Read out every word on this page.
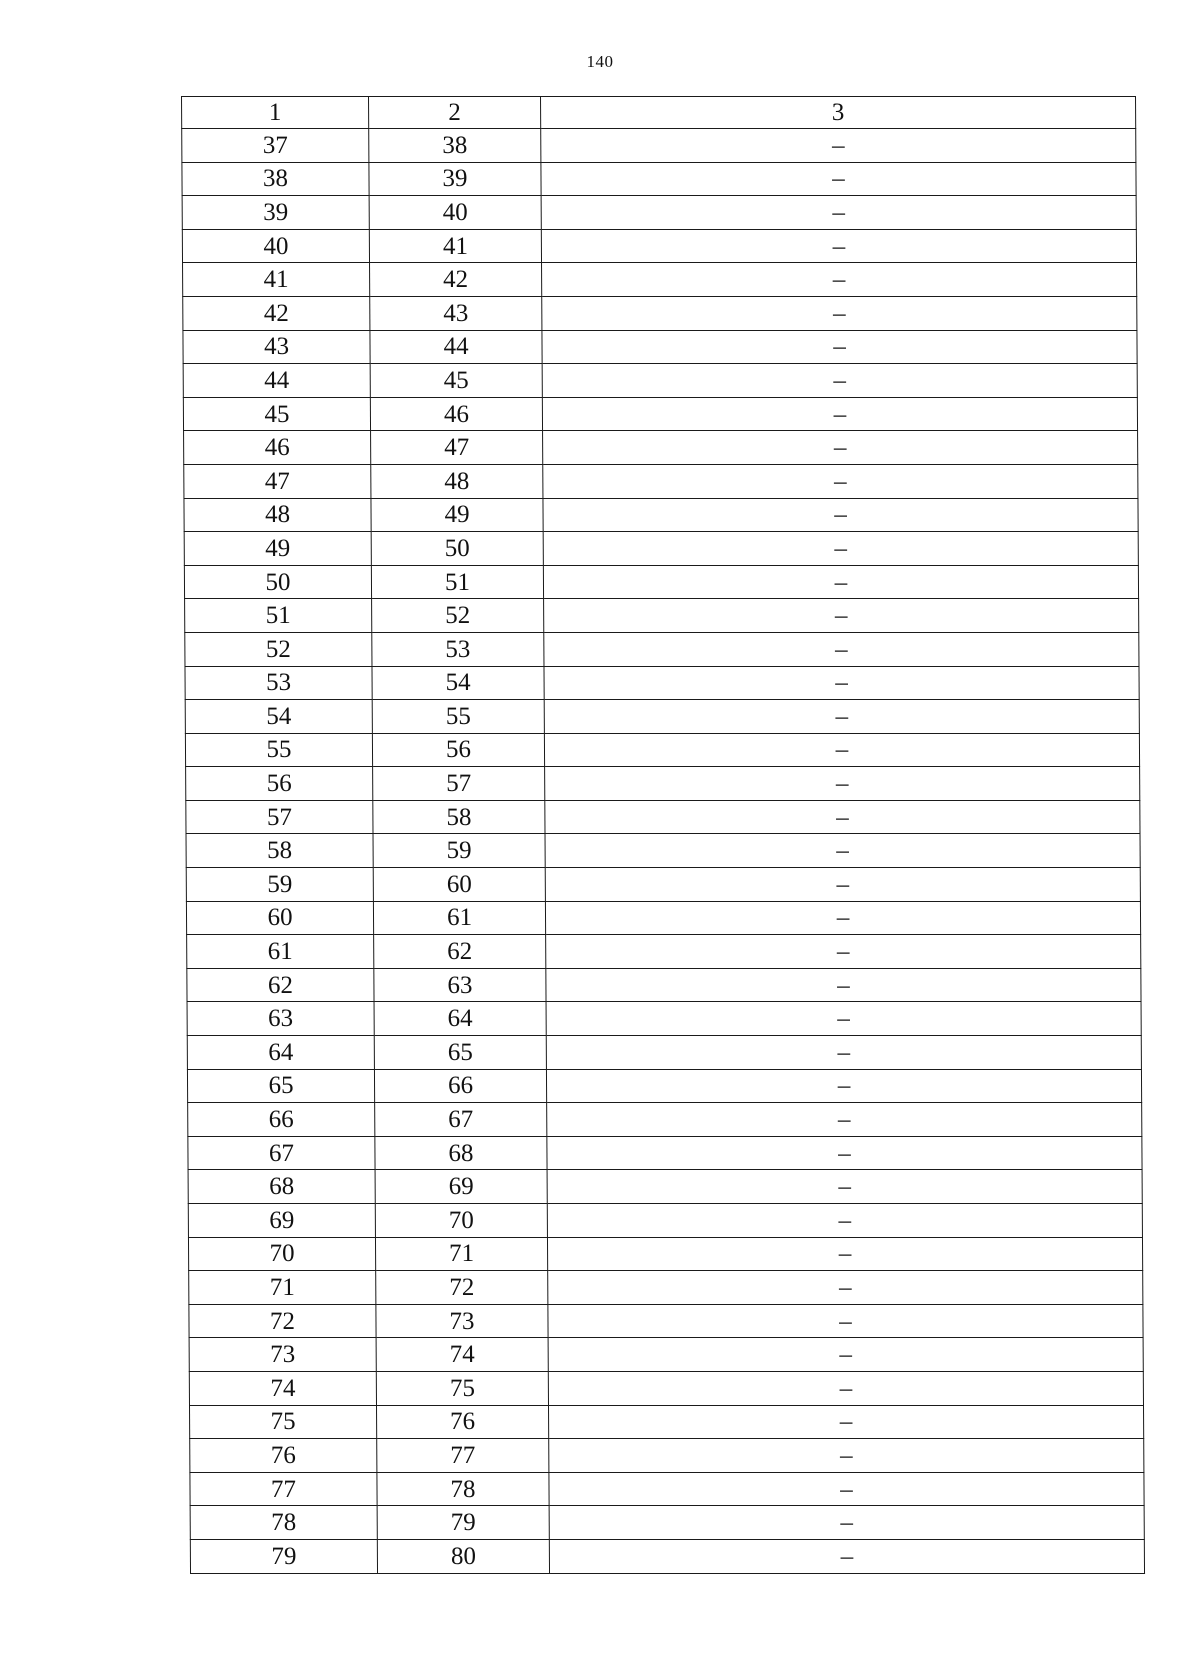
140
1	2	3
37	38	–
38	39	–
39	40	–
40	41	–
41	42	–
42	43	–
43	44	–
44	45	–
45	46	–
46	47	–
47	48	–
48	49	–
49	50	–
50	51	–
51	52	–
52	53	–
53	54	–
54	55	–
55	56	–
56	57	–
57	58	–
58	59	–
59	60	–
60	61	–
61	62	–
62	63	–
63	64	–
64	65	–
65	66	–
66	67	–
67	68	–
68	69	–
69	70	–
70	71	–
71	72	–
72	73	–
73	74	–
74	75	–
75	76	–
76	77	–
77	78	–
78	79	–
79	80	–
